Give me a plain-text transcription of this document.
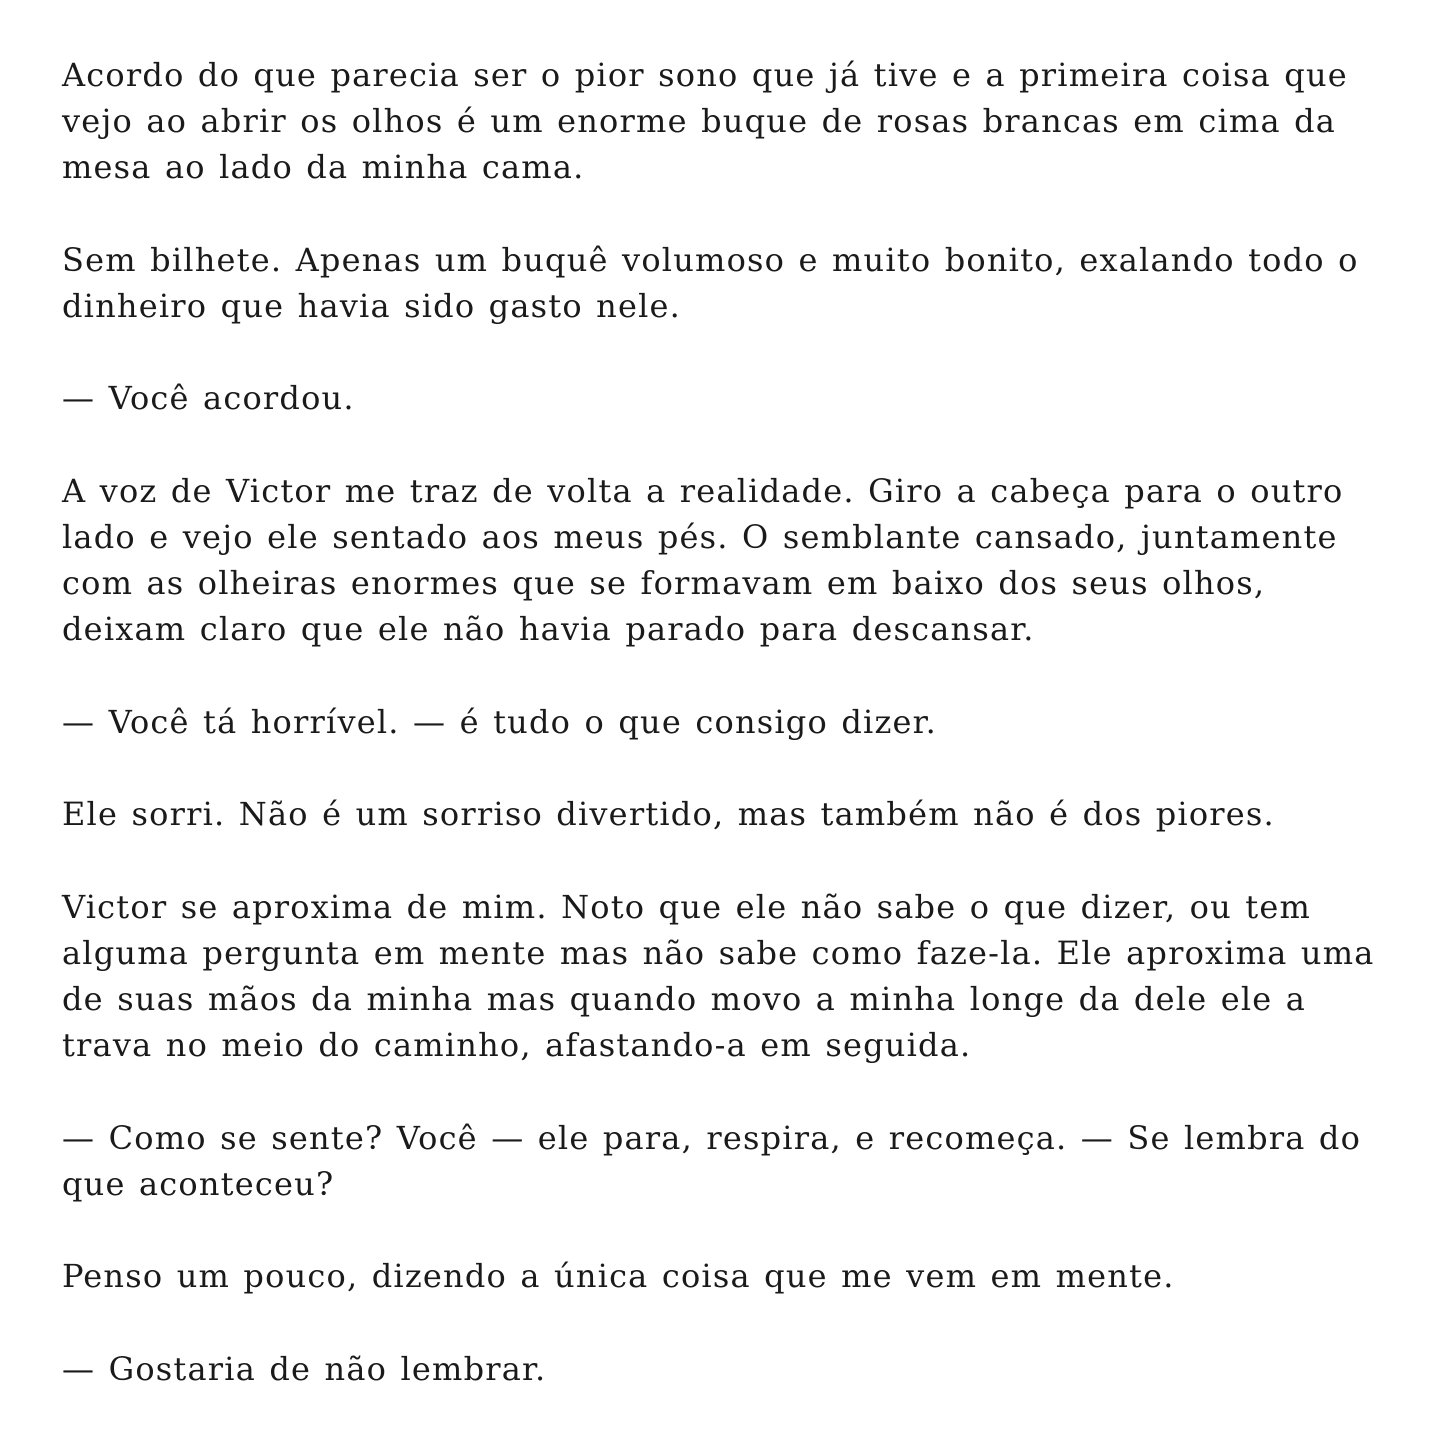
Acordo do que parecia ser o pior sono que já tive e a primeira coisa que vejo ao abrir os olhos é um enorme buque de rosas brancas em cima da mesa ao lado da minha cama.

Sem bilhete. Apenas um buquê volumoso e muito bonito, exalando todo o dinheiro que havia sido gasto nele.

— Você acordou.

A voz de Victor me traz de volta a realidade. Giro a cabeça para o outro lado e vejo ele sentado aos meus pés. O semblante cansado, juntamente com as olheiras enormes que se formavam em baixo dos seus olhos, deixam claro que ele não havia parado para descansar.

— Você tá horrível. — é tudo o que consigo dizer.

Ele sorri. Não é um sorriso divertido, mas também não é dos piores.

Victor se aproxima de mim. Noto que ele não sabe o que dizer, ou tem alguma pergunta em mente mas não sabe como faze-la. Ele aproxima uma de suas mãos da minha mas quando movo a minha longe da dele ele a trava no meio do caminho, afastando-a em seguida.

— Como se sente? Você — ele para, respira, e recomeça. — Se lembra do que aconteceu?

Penso um pouco, dizendo a única coisa que me vem em mente.

— Gostaria de não lembrar.
